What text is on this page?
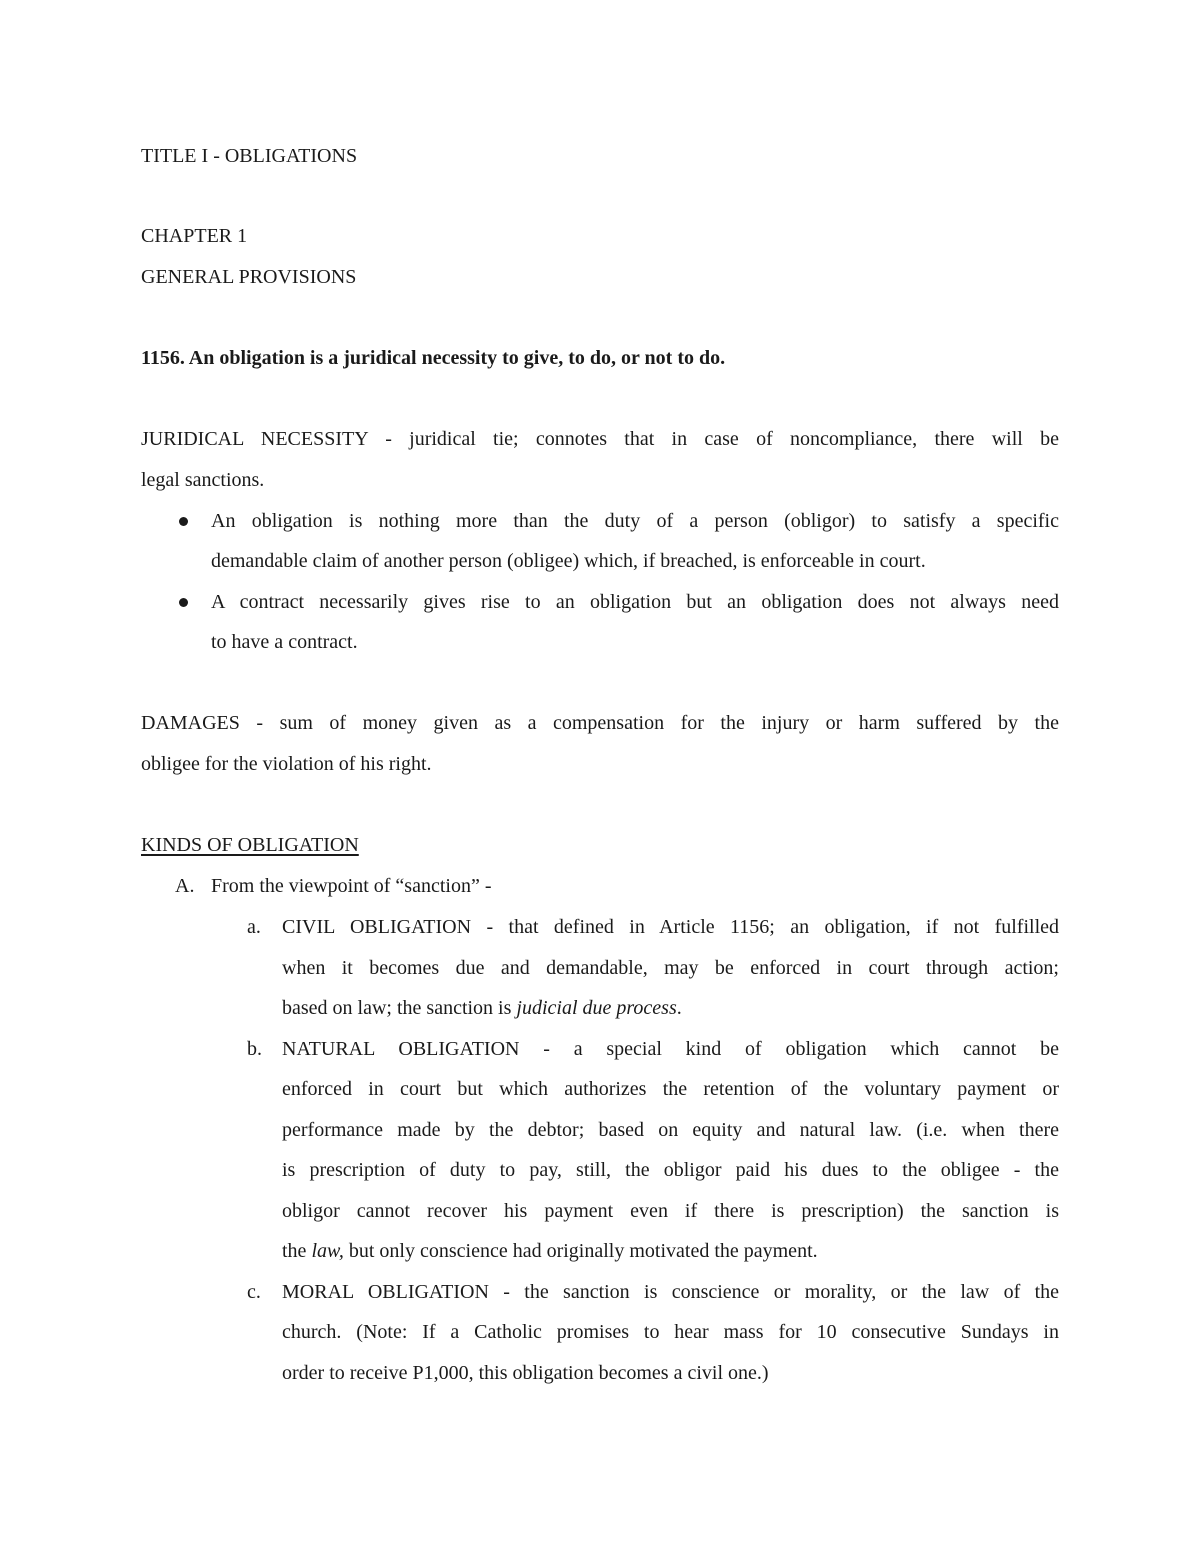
TITLE I - OBLIGATIONS
CHAPTER 1
GENERAL PROVISIONS
1156. An obligation is a juridical necessity to give, to do, or not to do.
JURIDICAL NECESSITY - juridical tie; connotes that in case of noncompliance, there will be
legal sanctions.
An obligation is nothing more than the duty of a person (obligor) to satisfy a specific
demandable claim of another person (obligee) which, if breached, is enforceable in court.
A contract necessarily gives rise to an obligation but an obligation does not always need
to have a contract.
DAMAGES - sum of money given as a compensation for the injury or harm suffered by the
obligee for the violation of his right.
KINDS OF OBLIGATION
A. From the viewpoint of “sanction” -
a. CIVIL OBLIGATION - that defined in Article 1156; an obligation, if not fulfilled
when it becomes due and demandable, may be enforced in court through action;
based on law; the sanction is judicial due process.
b. NATURAL OBLIGATION - a special kind of obligation which cannot be
enforced in court but which authorizes the retention of the voluntary payment or
performance made by the debtor; based on equity and natural law. (i.e. when there
is prescription of duty to pay, still, the obligor paid his dues to the obligee - the
obligor cannot recover his payment even if there is prescription) the sanction is
the law, but only conscience had originally motivated the payment.
c. MORAL OBLIGATION - the sanction is conscience or morality, or the law of the
church. (Note: If a Catholic promises to hear mass for 10 consecutive Sundays in
order to receive P1,000, this obligation becomes a civil one.)
